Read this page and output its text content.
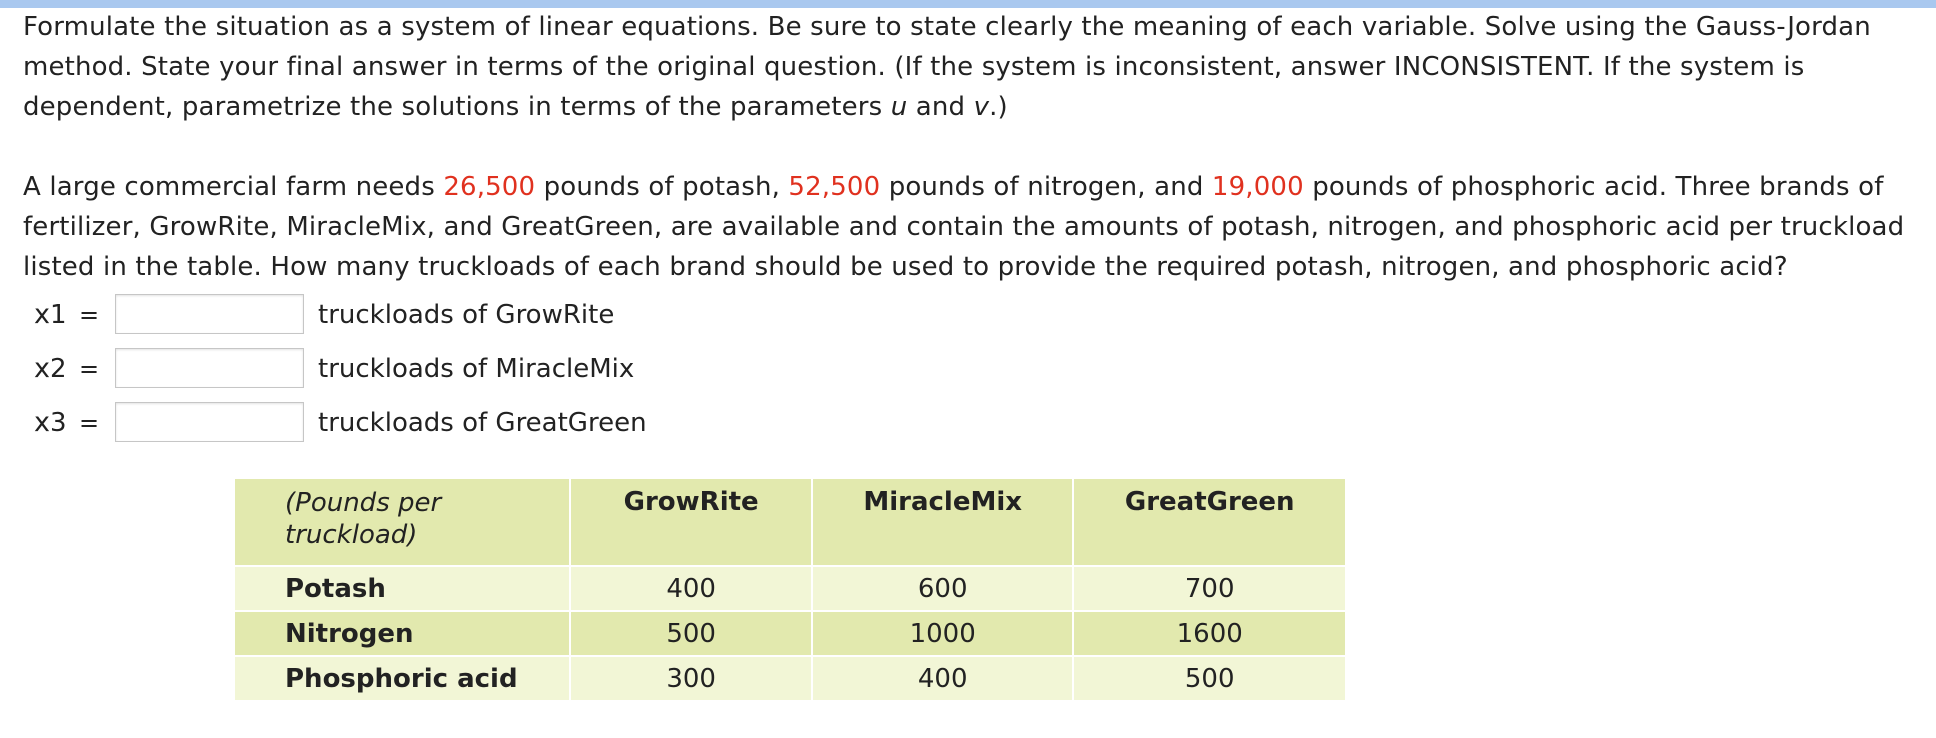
Formulate the situation as a system of linear equations. Be sure to state clearly the meaning of each variable. Solve using the Gauss-Jordan method. State your final answer in terms of the original question. (If the system is inconsistent, answer INCONSISTENT. If the system is dependent, parametrize the solutions in terms of the parameters u and v.)

A large commercial farm needs 26,500 pounds of potash, 52,500 pounds of nitrogen, and 19,000 pounds of phosphoric acid. Three brands of fertilizer, GrowRite, MiracleMix, and GreatGreen, are available and contain the amounts of potash, nitrogen, and phosphoric acid per truckload listed in the table. How many truckloads of each brand should be used to provide the required potash, nitrogen, and phosphoric acid?

x1 =	truckloads of GrowRite
x2 =	truckloads of MiracleMix
x3 =	truckloads of GreatGreen
(Pounds per truckload)	GrowRite	MiracleMix	GreatGreen
Potash	400	600	700
Nitrogen	500	1000	1600
Phosphoric acid	300	400	500
